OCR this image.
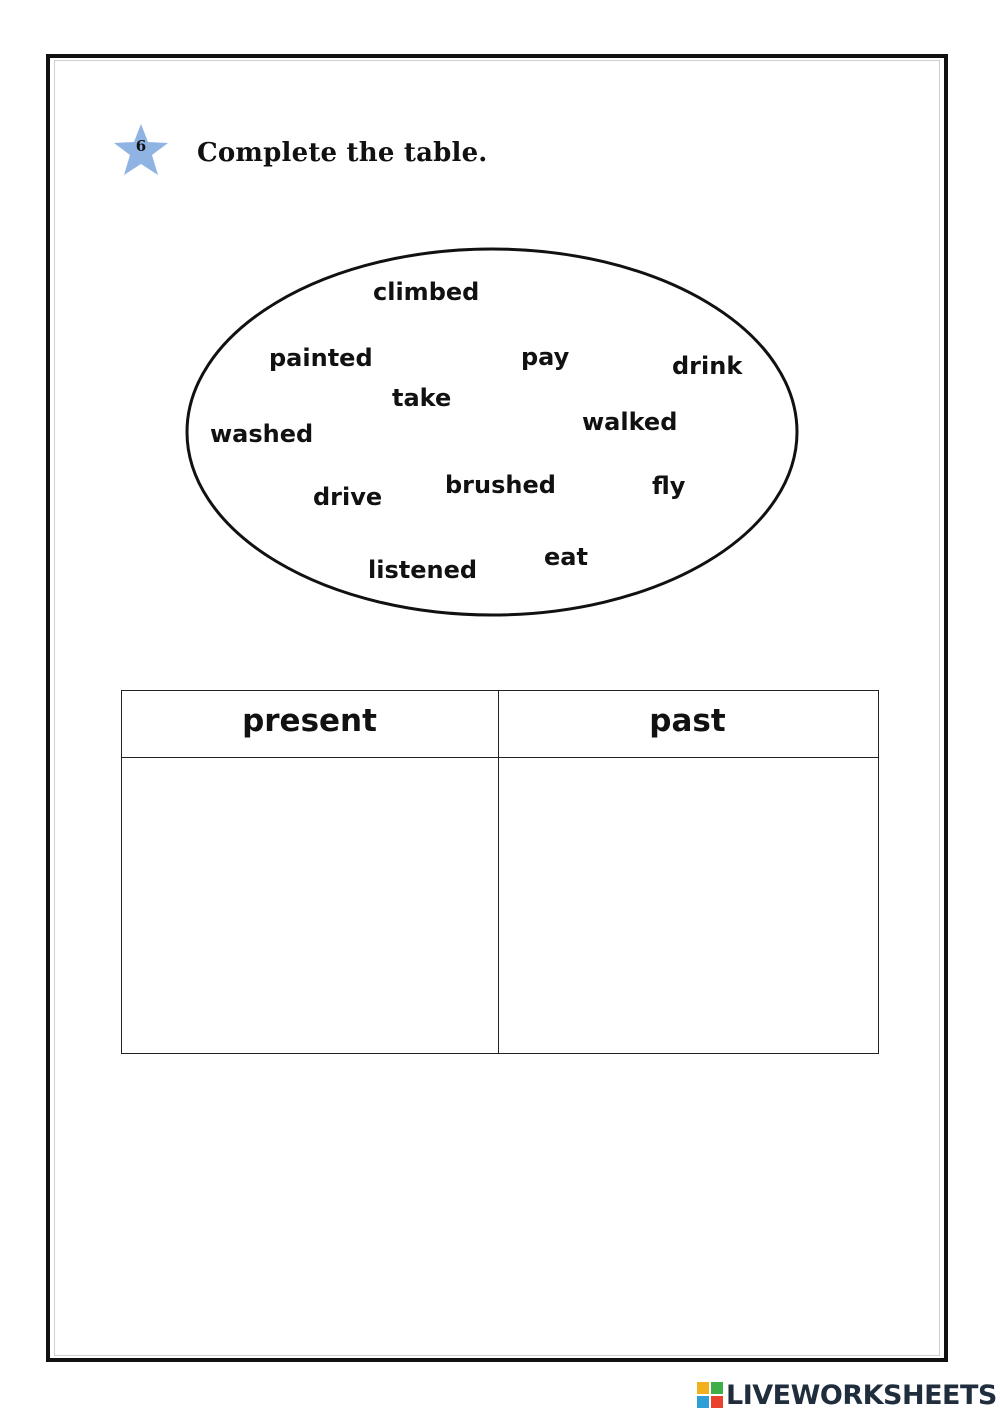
6	Complete the table.
climbed
painted	pay	drink
take
washed	walked
drive	brushed	fly
listened	eat
present	past
LIVEWORKSHEETS
